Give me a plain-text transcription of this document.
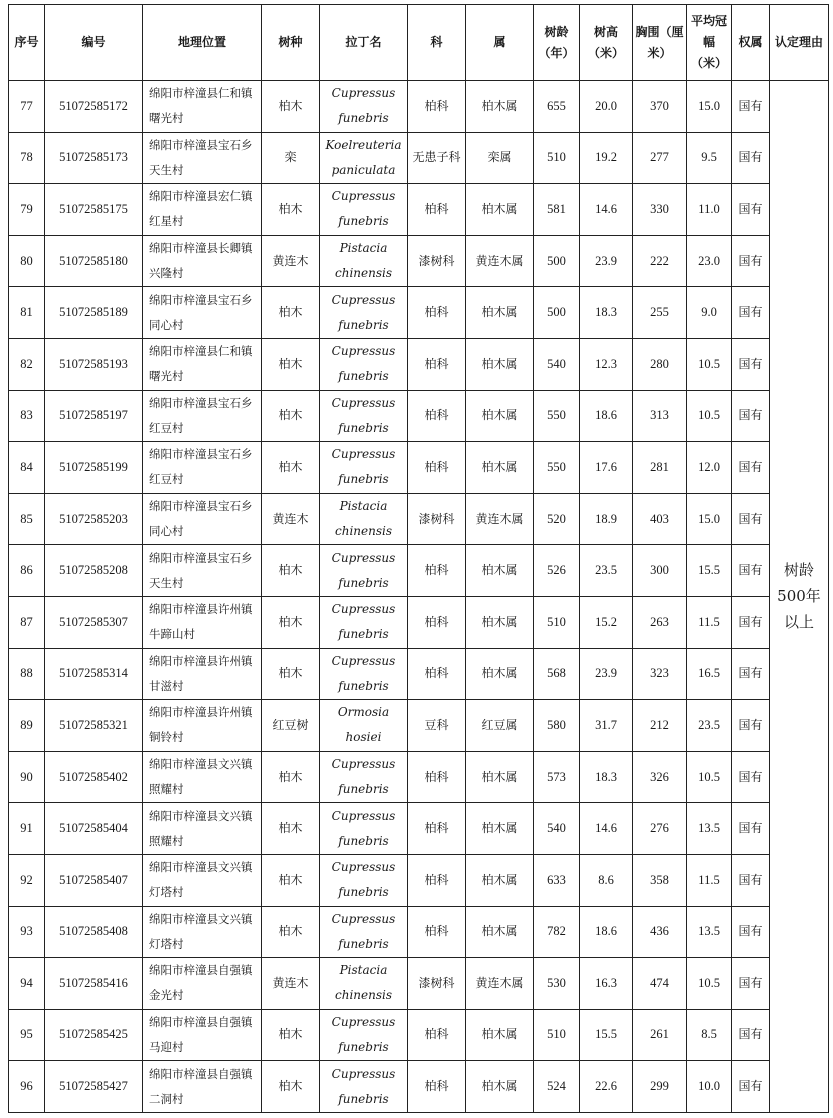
序号	编号	地理位置	树种	拉丁名	科	属	树龄（年）	树高（米）	胸围（厘米）	平均冠幅（米）	权属	认定理由
77	51072585172	绵阳市梓潼县仁和镇曙光村	柏木	Cupressus funebris	柏科	柏木属	655	20.0	370	15.0	国有	树龄500年以上
78	51072585173	绵阳市梓潼县宝石乡天生村	栾	Koelreuteria paniculata	无患子科	栾属	510	19.2	277	9.5	国有	
79	51072585175	绵阳市梓潼县宏仁镇红星村	柏木	Cupressus funebris	柏科	柏木属	581	14.6	330	11.0	国有	
80	51072585180	绵阳市梓潼县长卿镇兴隆村	黄连木	Pistacia chinensis	漆树科	黄连木属	500	23.9	222	23.0	国有	
81	51072585189	绵阳市梓潼县宝石乡同心村	柏木	Cupressus funebris	柏科	柏木属	500	18.3	255	9.0	国有	
82	51072585193	绵阳市梓潼县仁和镇曙光村	柏木	Cupressus funebris	柏科	柏木属	540	12.3	280	10.5	国有	
83	51072585197	绵阳市梓潼县宝石乡红豆村	柏木	Cupressus funebris	柏科	柏木属	550	18.6	313	10.5	国有	
84	51072585199	绵阳市梓潼县宝石乡红豆村	柏木	Cupressus funebris	柏科	柏木属	550	17.6	281	12.0	国有	
85	51072585203	绵阳市梓潼县宝石乡同心村	黄连木	Pistacia chinensis	漆树科	黄连木属	520	18.9	403	15.0	国有	
86	51072585208	绵阳市梓潼县宝石乡天生村	柏木	Cupressus funebris	柏科	柏木属	526	23.5	300	15.5	国有	
87	51072585307	绵阳市梓潼县许州镇牛蹄山村	柏木	Cupressus funebris	柏科	柏木属	510	15.2	263	11.5	国有	
88	51072585314	绵阳市梓潼县许州镇甘滋村	柏木	Cupressus funebris	柏科	柏木属	568	23.9	323	16.5	国有	
89	51072585321	绵阳市梓潼县许州镇铜铃村	红豆树	Ormosia hosiei	豆科	红豆属	580	31.7	212	23.5	国有	
90	51072585402	绵阳市梓潼县文兴镇照耀村	柏木	Cupressus funebris	柏科	柏木属	573	18.3	326	10.5	国有	
91	51072585404	绵阳市梓潼县文兴镇照耀村	柏木	Cupressus funebris	柏科	柏木属	540	14.6	276	13.5	国有	
92	51072585407	绵阳市梓潼县文兴镇灯塔村	柏木	Cupressus funebris	柏科	柏木属	633	8.6	358	11.5	国有	
93	51072585408	绵阳市梓潼县文兴镇灯塔村	柏木	Cupressus funebris	柏科	柏木属	782	18.6	436	13.5	国有	
94	51072585416	绵阳市梓潼县自强镇金光村	黄连木	Pistacia chinensis	漆树科	黄连木属	530	16.3	474	10.5	国有	
95	51072585425	绵阳市梓潼县自强镇马迎村	柏木	Cupressus funebris	柏科	柏木属	510	15.5	261	8.5	国有	
96	51072585427	绵阳市梓潼县自强镇二洞村	柏木	Cupressus funebris	柏科	柏木属	524	22.6	299	10.0	国有	
